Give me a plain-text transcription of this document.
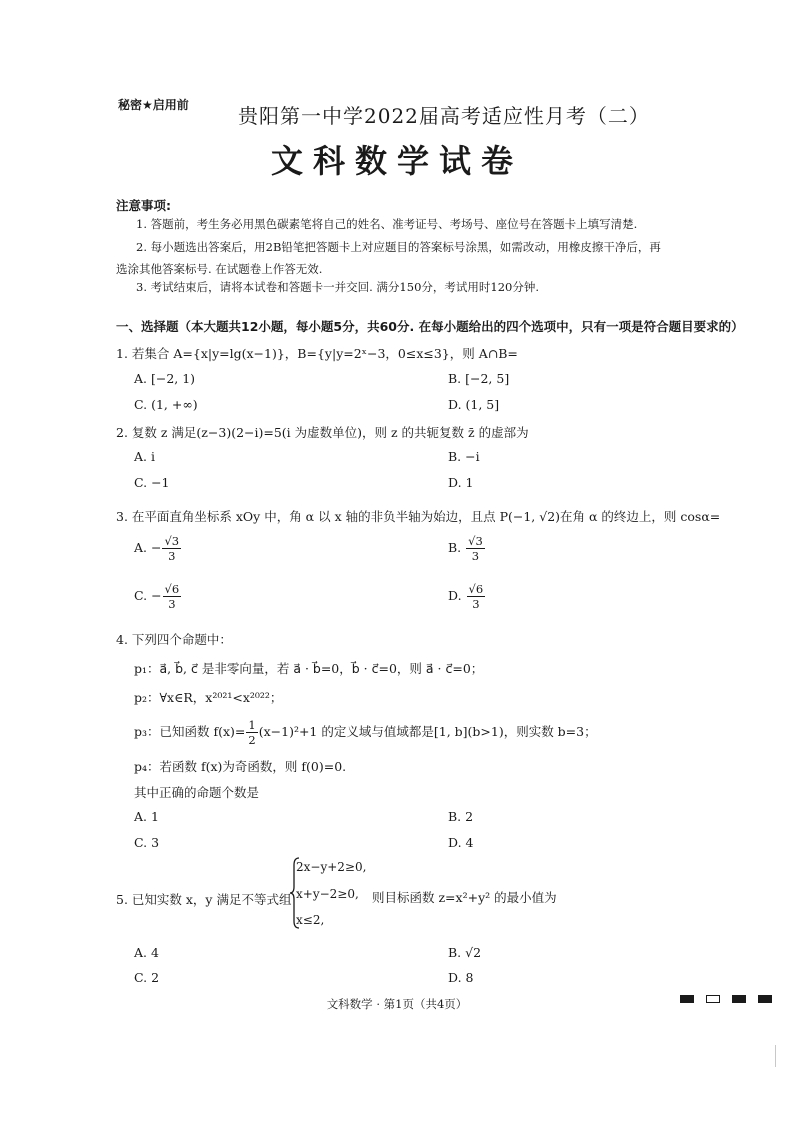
秘密★启用前 贵阳第一中学2022届高考适应性月考（二）
文科数学试卷
注意事项:
1. 答题前，考生务必用黑色碳素笔将自己的姓名、准考证号、考场号、座位号在答题卡上填写清楚.
2. 每小题选出答案后，用2B铅笔把答题卡上对应题目的答案标号涂黑，如需改动，用橡皮擦干净后，再
选涂其他答案标号. 在试题卷上作答无效.
3. 考试结束后，请将本试卷和答题卡一并交回. 满分150分，考试用时120分钟.
一、选择题（本大题共12小题，每小题5分，共60分. 在每小题给出的四个选项中，只有一项是符合题目要求的）
1. 若集合 A={x|y=lg(x−1)}，B={y|y=2ˣ−3，0≤x≤3}，则 A∩B=
A. [−2, 1)	B. [−2, 5]
C. (1, +∞)	D. (1, 5]
2. 复数 z 满足(z−3)(2−i)=5(i 为虚数单位)，则 z 的共轭复数 z̄ 的虚部为
A. i	B. −i
C. −1	D. 1
3. 在平面直角坐标系 xOy 中，角 α 以 x 轴的非负半轴为始边，且点 P(−1, √2)在角 α 的终边上，则 cosα=
A. − $\frac{√3}{3}$	B. $\frac{√3}{3}$
C. − $\frac{√6}{3}$	D. $\frac{√6}{3}$
4. 下列四个命题中：
p₁：a⃗, b⃗, c⃗ 是非零向量，若 a⃗ · b⃗=0，b⃗ · c⃗=0，则 a⃗ · c⃗=0；
p₂：∀x∈R，x²⁰²¹<x²⁰²²；
p₃：已知函数 $f(x)= \frac{1}{2} (x-1)^2+1$ 的定义域与值域都是[1, b](b>1)，则实数 b=3；
p₄：若函数 f(x)为奇函数，则 f(0)=0.
其中正确的命题个数是
A. 1	B. 2
C. 3	D. 4
5. 已知实数 x，y 满足不等式组
2x−y+2≥0,
x+y−2≥0,
x≤2,
则目标函数 z=x²+y² 的最小值为
A. 4	B. √2
C. 2	D. 8
文科数学 · 第1页（共4页）
